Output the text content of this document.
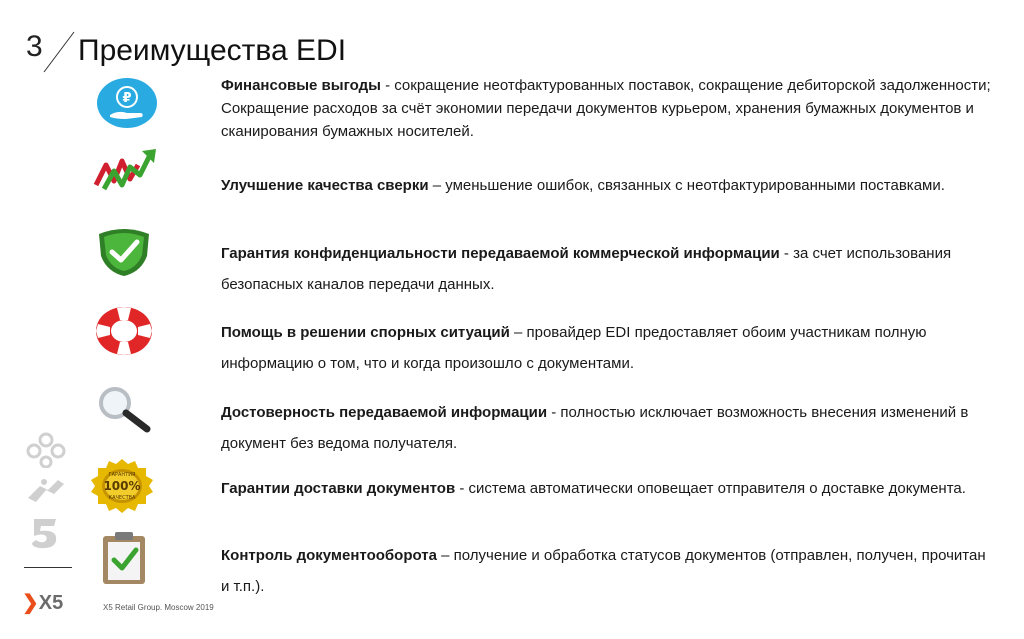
3 Преимущества EDI
₽
ГАРАНТИЯ
100%
КАЧЕСТВА
Финансовые выгоды - сокращение неотфактурованных поставок, сокращение дебиторской задолженности; Сокращение расходов за счёт экономии передачи документов курьером, хранения бумажных документов и сканирования бумажных носителей.
Улучшение качества сверки – уменьшение ошибок, связанных с неотфактурированными поставками.
Гарантия конфиденциальности передаваемой коммерческой информации - за счет использования безопасных каналов передачи данных.
Помощь в решении спорных ситуаций – провайдер EDI предоставляет обоим участникам полную информацию о том, что и когда произошло с документами.
Достоверность передаваемой информации - полностью исключает возможность внесения изменений в документ без ведома получателя.
Гарантии доставки документов - система автоматически оповещает отправителя о доставке документа.
Контроль документооборота – получение и обработка статусов документов (отправлен, получен, прочитан и т.п.).
❯X5	X5 Retail Group. Moscow 2019
